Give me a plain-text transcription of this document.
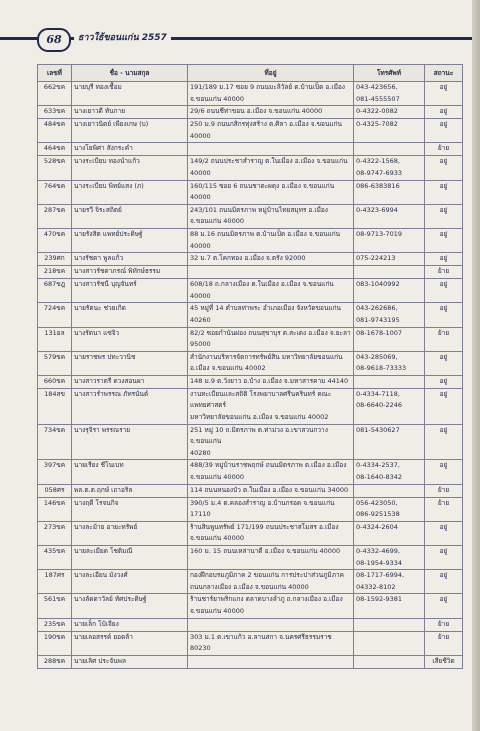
68	ธาวใธ้ขอนแก่น 2557
เลขที่	ชื่อ - นามสกุล	ที่อยู่	โทรศัพท์	สถานะ
662ขค	นายบุรี ทองเชื้อม	191/189 ม.17 ซอย 9 ถนนมะลิวัลย์ ต.บ้านเป็ด อ.เมือง
จ.ขอนแก่น 40000	043-423656,
081-4555507	อยู่
633ขค	นางเยาวดี ทันกาย	29/6 ถนนชีท่าขอน อ.เมือง จ.ขอนแก่น 40000	0-4322-0082	อยู่
484ขค	นางเยาวนิตย์ เพียงเกษ (บ)	250 ม.9 ถนนกสิกรทุ่งสร้าง ต.ศิลา อ.เมือง จ.ขอนแก่น
40000	0-4325-7082	อยู่
464ขค	นางโยพิศา สังกระคำ			ย้าย
528ขค	นางระเบียบ ทองนำแก้ว	149/2 ถนนประชาสำราญ ต.ในเมือง อ.เมือง จ.ขอนแก่น
40000	0-4322-1568,
08-9747-6933	อยู่
764ขค	นางระเบียบ พิทย์แสง (ภ)	160/115 ซอย 6 ถนนชาตะผดุง อ.เมือง จ.ขอนแก่น 40000	086-6383816	อยู่
287ขค	นายรวี จิระสถิตย์	243/101 ถนนมิตรภาพ หมู่บ้านไทยสมุทร อ.เมือง
จ.ขอนแก่น 40000	0-4323-6994	อยู่
470ขค	นายรังสิต แพทย์ประดิษฐ์	88 ม.16 ถนนมิตรภาพ ต.บ้านเป็ด อ.เมือง จ.ขอนแก่น
40000	08-9713-7019	อยู่
239ศก	นางรัชดา พูลแก้ว	32 ม.7 ต.โคกทอง อ.เมือง จ.ตรัง 92000	075-224213	อยู่
218ขค	นางสาวรัชดาภรณ์ พิทักษ์ธรรม			ย้าย
687ขฎ	นางสาวรัชนี บุญจันทร์	608/18 ถ.กลางเมือง ต.ในเมือง อ.เมือง จ.ขอนแก่น 40000	083-1040992	อยู่
724ขค	นายรัตนะ ช่วยเกิด	45 หมู่ที่ 14 ตำบลท่าพระ อำเภอเมือง จังหวัดขอนแก่น
40260	043-262686,
081-9743195	อยู่
131ยล	นางรัตนา แซ่จิว	82/2 ซอยกำนันผ่อง ถนนสุขาบุร ต.สะเตง อ.เมือง จ.ยะลา
95000	08-1678-1007	ย้าย
579ขค	นายราชพร ปทะวานิช	สำนักงานบริหารจัดการทรัพย์สิน มหาวิทยาลัยขอนแก่น
อ.เมือง จ.ขอนแก่น 40002	043-285069,
08-9618-73333	อยู่
660ขค	นางสาวราตรี ดวงสอนผา	148 ม.9 ต.วังยาว อ.บ้าง อ.เมือง จ.มหาสารคาม 44140		อยู่
184สข	นางสาวรำพรรณ ภัทรนันต์	งานทะเบียนและสถิติ โรงพยาบาลศรีนครินทร์ คณะแพทยศาสตร์
มหาวิทยาลัยขอนแก่น อ.เมือง จ.ขอนแก่น 40002	0-4334-7118,
08-6640-2246	อยู่
734ขค	นางรุจิรา พรรณราย	251 หมู่ 10 ถ.มิตรภาพ ต.ท่าม่วง อ.เขาสวนกวาง จ.ขอนแก่น
40280	081-5430627	อยู่
397ขค	นายเรียง ชีโนเบท	488/39 หมู่บ้านราชพฤกษ์ ถนนมิตรภาพ ต.เมือง อ.เมือง
จ.ขอนแก่น 40000	0-4334-2537,
08-1640-8342	อยู่
058ศร	พล.ต.ต.ฤกษ์ เถาอริล	114 ถนนหนองบัว ต.ในเมือง อ.เมือง จ.ขอนแก่น 34000		ย้าย
146ขค	นางฤดี โรจนกิจ	390/5 ม.4 ต.คลองสำราญ อ.บ้านกรอด จ.ขอนแก่น 17110	056-423050,
086-9251538	ย้าย
273ขค	นางละม้าย อายะทรัพย์	ร้านสินพูนทรัพย์ 171/199 ถนนประชาสโมสร อ.เมือง
จ.ขอนแก่น 40000	0-4324-2604	อยู่
435ขค	นายละเมียด โชติมณี	160 ม. 15 ถนนเหล่านาดี อ.เมือง จ.ขอนแก่น 40000	0-4332-4699,
08-1954-9334	อยู่
187ศร	นางละเอียน มังวงศ์	กองฝึกอบรมภูมิภาค 2 ขอนแก่น การประปาส่วนภูมิภาค
ถนนกลางเมือง อ.เมือง จ.ขอนแก่น 40000	08-1717-6994,
04332-8102	อยู่
561ขค	นางลัดดาวัลย์ ทัศประดิษฐ์	ร้านชาร์ยาพริกแกง ตลาดบางลำภู ถ.กลางเมือง อ.เมือง
จ.ขอนแก่น 40000	08-1592-9381	อยู่
235ขค	นายเล็ก โบ้เจียง			ย้าย
190ขค	นายเลอสรรค์ ยอดล้า	303 ม.1 ต.เขาแก้ว อ.ลานสกา จ.นครศรีธรรมราช
80230		ย้าย
288ขค	นายเลิศ ประจันพล			เสียชีวิต
